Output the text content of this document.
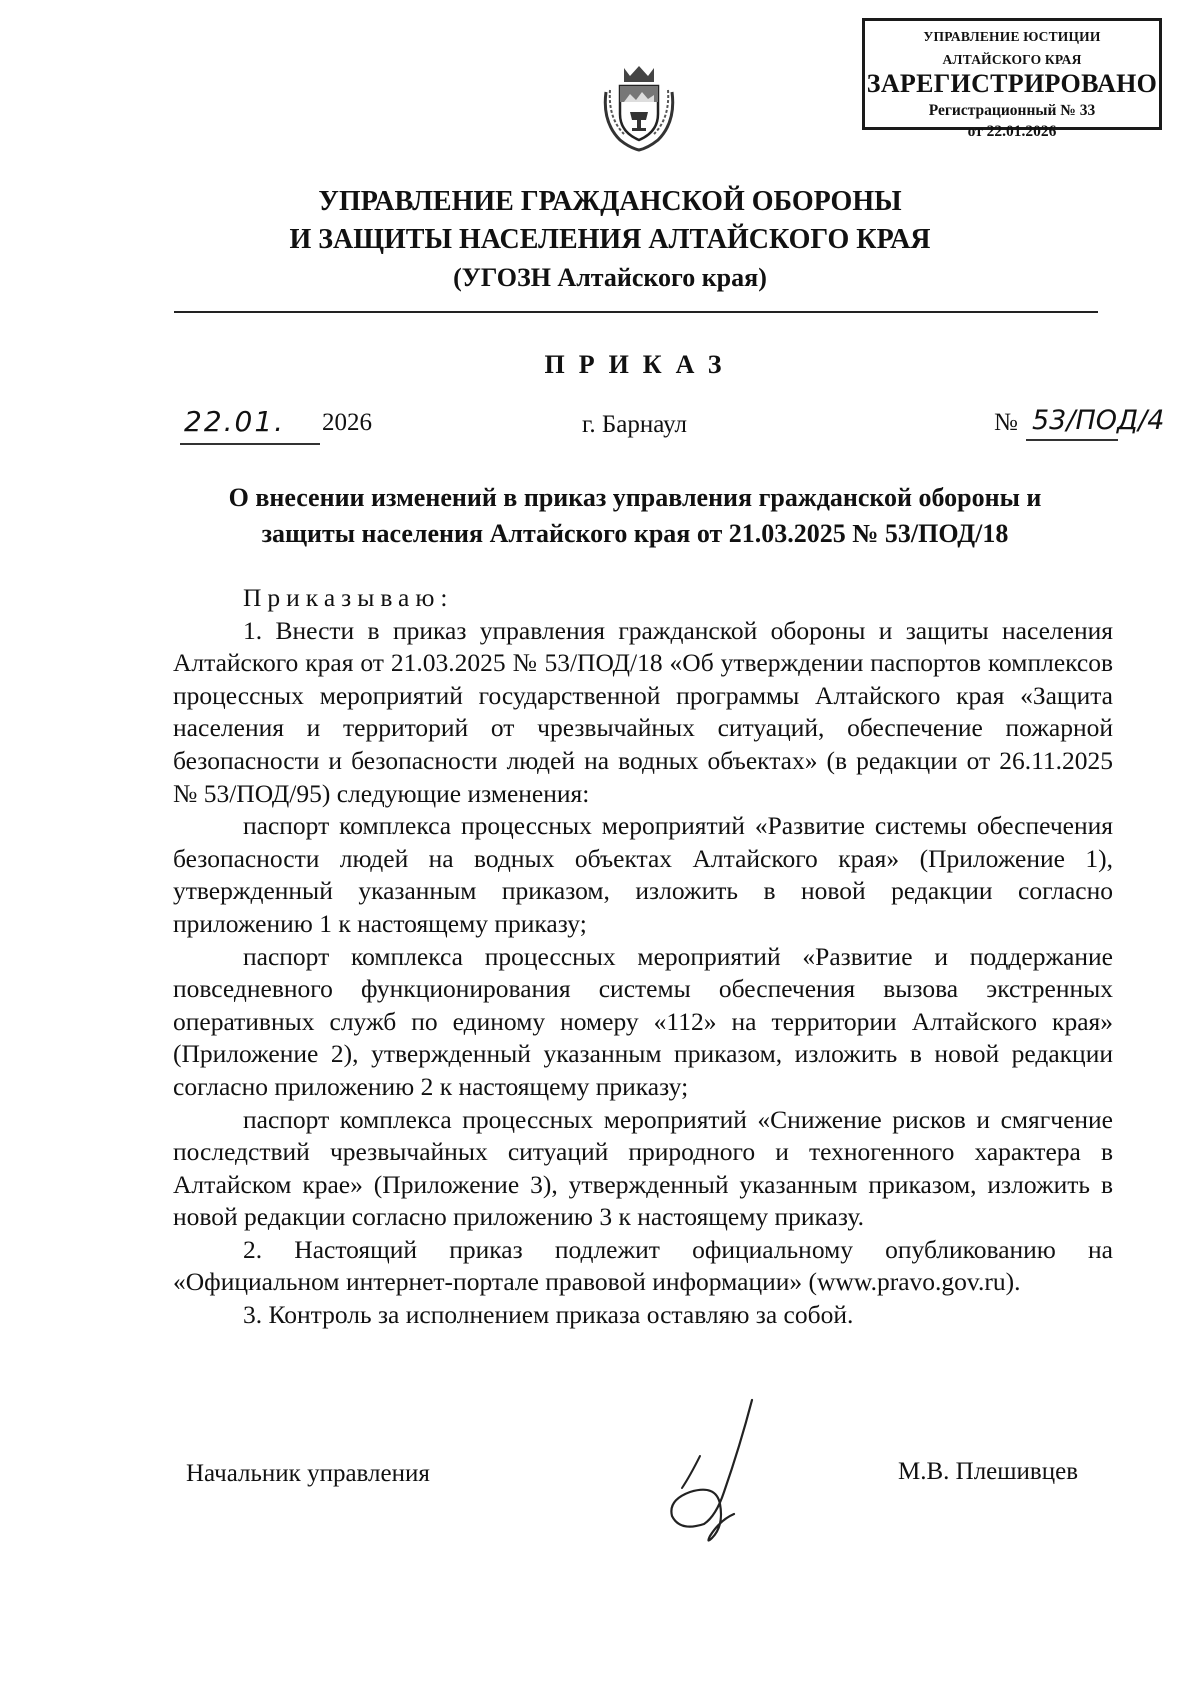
УПРАВЛЕНИЕ ЮСТИЦИИ
АЛТАЙСКОГО КРАЯ
ЗАРЕГИСТРИРОВАНО
Регистрационный № 33
от 22.01.2026
УПРАВЛЕНИЕ ГРАЖДАНСКОЙ ОБОРОНЫ
И ЗАЩИТЫ НАСЕЛЕНИЯ АЛТАЙСКОГО КРАЯ
(УГОЗН Алтайского края)
ПРИКАЗ
22.01. 2026	г. Барнаул	№ 53/ПОД/4
О внесении изменений в приказ управления гражданской обороны и
защиты населения Алтайского края от 21.03.2025 № 53/ПОД/18

Приказываю:

1. Внести в приказ управления гражданской обороны и защиты населения Алтайского края от 21.03.2025 № 53/ПОД/18 «Об утверждении паспортов комплексов процессных мероприятий государственной программы Алтайского края «Защита населения и территорий от чрезвычайных ситуаций, обеспечение пожарной безопасности и безопасности людей на водных объектах» (в редакции от 26.11.2025 № 53/ПОД/95) следующие изменения:

паспорт комплекса процессных мероприятий «Развитие системы обеспечения безопасности людей на водных объектах Алтайского края» (Приложение 1), утвержденный указанным приказом, изложить в новой редакции согласно приложению 1 к настоящему приказу;

паспорт комплекса процессных мероприятий «Развитие и поддержание повседневного функционирования системы обеспечения вызова экстренных оперативных служб по единому номеру «112» на территории Алтайского края» (Приложение 2), утвержденный указанным приказом, изложить в новой редакции согласно приложению 2 к настоящему приказу;

паспорт комплекса процессных мероприятий «Снижение рисков и смягчение последствий чрезвычайных ситуаций природного и техногенного характера в Алтайском крае» (Приложение 3), утвержденный указанным приказом, изложить в новой редакции согласно приложению 3 к настоящему приказу.

2. Настоящий приказ подлежит официальному опубликованию на «Официальном интернет-портале правовой информации» (www.pravo.gov.ru).

3. Контроль за исполнением приказа оставляю за собой.

Начальник управления	М.В. Плешивцев
